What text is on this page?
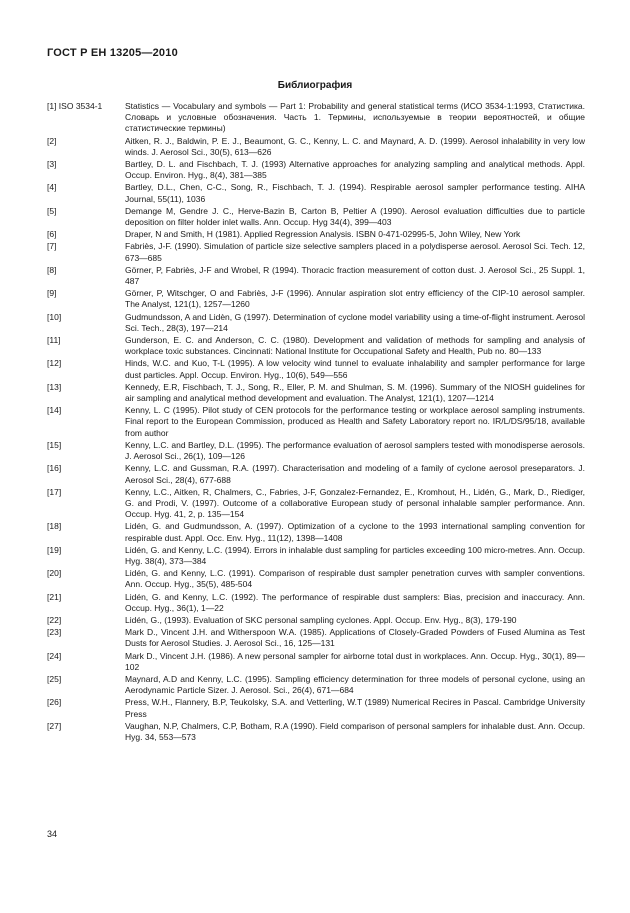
ГОСТ Р ЕН 13205—2010
Библиография
[1] ISO 3534-1	Statistics — Vocabulary and symbols — Part 1: Probability and general statistical terms (ИСО 3534-1:1993, Статистика. Словарь и условные обозначения. Часть 1. Термины, используемые в теории вероятностей, и общие статистические термины)
[2]	Aitken, R. J., Baldwin, P. E. J., Beaumont, G. C., Kenny, L. C. and Maynard, A. D. (1999). Aerosol inhalability in very low winds. J. Aerosol Sci., 30(5), 613—626
[3]	Bartley, D. L. and Fischbach, T. J. (1993) Alternative approaches for analyzing sampling and analytical methods. Appl. Occup. Environ. Hyg., 8(4), 381—385
[4]	Bartley, D.L., Chen, C-C., Song, R., Fischbach, T. J. (1994). Respirable aerosol sampler performance testing. AIHA Journal, 55(11), 1036
[5]	Demange M, Gendre J. C., Herve-Bazin B, Carton B, Peltier A (1990). Aerosol evaluation difficulties due to particle deposition on filter holder inlet walls. Ann. Occup. Hyg 34(4), 399—403
[6]	Draper, N and Smith, H (1981). Applied Regression Analysis. ISBN 0-471-02995-5, John Wiley, New York
[7]	Fabriès, J-F. (1990). Simulation of particle size selective samplers placed in a polydisperse aerosol. Aerosol Sci. Tech. 12, 673—685
[8]	Görner, P, Fabriès, J-F and Wrobel, R (1994). Thoracic fraction measurement of cotton dust. J. Aerosol Sci., 25 Suppl. 1, 487
[9]	Görner, P, Witschger, O and Fabriès, J-F (1996). Annular aspiration slot entry efficiency of the CIP-10 aerosol sampler. The Analyst, 121(1), 1257—1260
[10]	Gudmundsson, A and Lidèn, G (1997). Determination of cyclone model variability using a time-of-flight instrument. Aerosol Sci. Tech., 28(3), 197—214
[11]	Gunderson, E. C. and Anderson, C. C. (1980). Development and validation of methods for sampling and analysis of workplace toxic substances. Cincinnati: National Institute for Occupational Safety and Health, Pub no. 80—133
[12]	Hinds, W.C. and Kuo, T-L (1995). A low velocity wind tunnel to evaluate inhalability and sampler performance for large dust particles. Appl. Occup. Environ. Hyg., 10(6), 549—556
[13]	Kennedy, E.R, Fischbach, T. J., Song, R., Eller, P. M. and Shulman, S. M. (1996). Summary of the NIOSH guidelines for air sampling and analytical method development and evaluation. The Analyst, 121(1), 1207—1214
[14]	Kenny, L. C (1995). Pilot study of CEN protocols for the performance testing or workplace aerosol sampling instruments. Final report to the European Commission, produced as Health and Safety Laboratory report no. IR/L/DS/95/18, available from author
[15]	Kenny, L.C. and Bartley, D.L. (1995). The performance evaluation of aerosol samplers tested with monodisperse aerosols. J. Aerosol Sci., 26(1), 109—126
[16]	Kenny, L.C. and Gussman, R.A. (1997). Characterisation and modeling of a family of cyclone aerosol preseparators. J. Aerosol Sci., 28(4), 677-688
[17]	Kenny, L.C., Aitken, R, Chalmers, C., Fabries, J-F, Gonzalez-Fernandez, E., Kromhout, H., Lidén, G., Mark, D., Riediger, G. and Prodi, V. (1997). Outcome of a collaborative European study of personal inhalable sampler performance. Ann. Occup. Hyg. 41, 2, p. 135—154
[18]	Lidén, G. and Gudmundsson, A. (1997). Optimization of a cyclone to the 1993 international sampling convention for respirable dust. Appl. Occ. Env. Hyg., 11(12), 1398—1408
[19]	Lidén, G. and Kenny, L.C. (1994). Errors in inhalable dust sampling for particles exceeding 100 micro-metres. Ann. Occup. Hyg. 38(4), 373—384
[20]	Lidén, G. and Kenny, L.C. (1991). Comparison of respirable dust sampler penetration curves with sampler conventions. Ann. Occup. Hyg., 35(5), 485-504
[21]	Lidén, G. and Kenny, L.C. (1992). The performance of respirable dust samplers: Bias, precision and inaccuracy. Ann. Occup. Hyg., 36(1), 1—22
[22]	Lidén, G., (1993). Evaluation of SKC personal sampling cyclones. Appl. Occup. Env. Hyg., 8(3), 179-190
[23]	Mark D., Vincent J.H. and Witherspoon W.A. (1985). Applications of Closely-Graded Powders of Fused Alumina as Test Dusts for Aerosol Studies. J. Aerosol Sci., 16, 125—131
[24]	Mark D., Vincent J.H. (1986). A new personal sampler for airborne total dust in workplaces. Ann. Occup. Hyg., 30(1), 89—102
[25]	Maynard, A.D and Kenny, L.C. (1995). Sampling efficiency determination for three models of personal cyclone, using an Aerodynamic Particle Sizer. J. Aerosol. Sci., 26(4), 671—684
[26]	Press, W.H., Flannery, B.P, Teukolsky, S.A. and Vetterling, W.T (1989) Numerical Recires in Pascal. Cambridge University Press
[27]	Vaughan, N.P, Chalmers, C.P, Botham, R.A (1990). Field comparison of personal samplers for inhalable dust. Ann. Occup. Hyg. 34, 553—573
34
